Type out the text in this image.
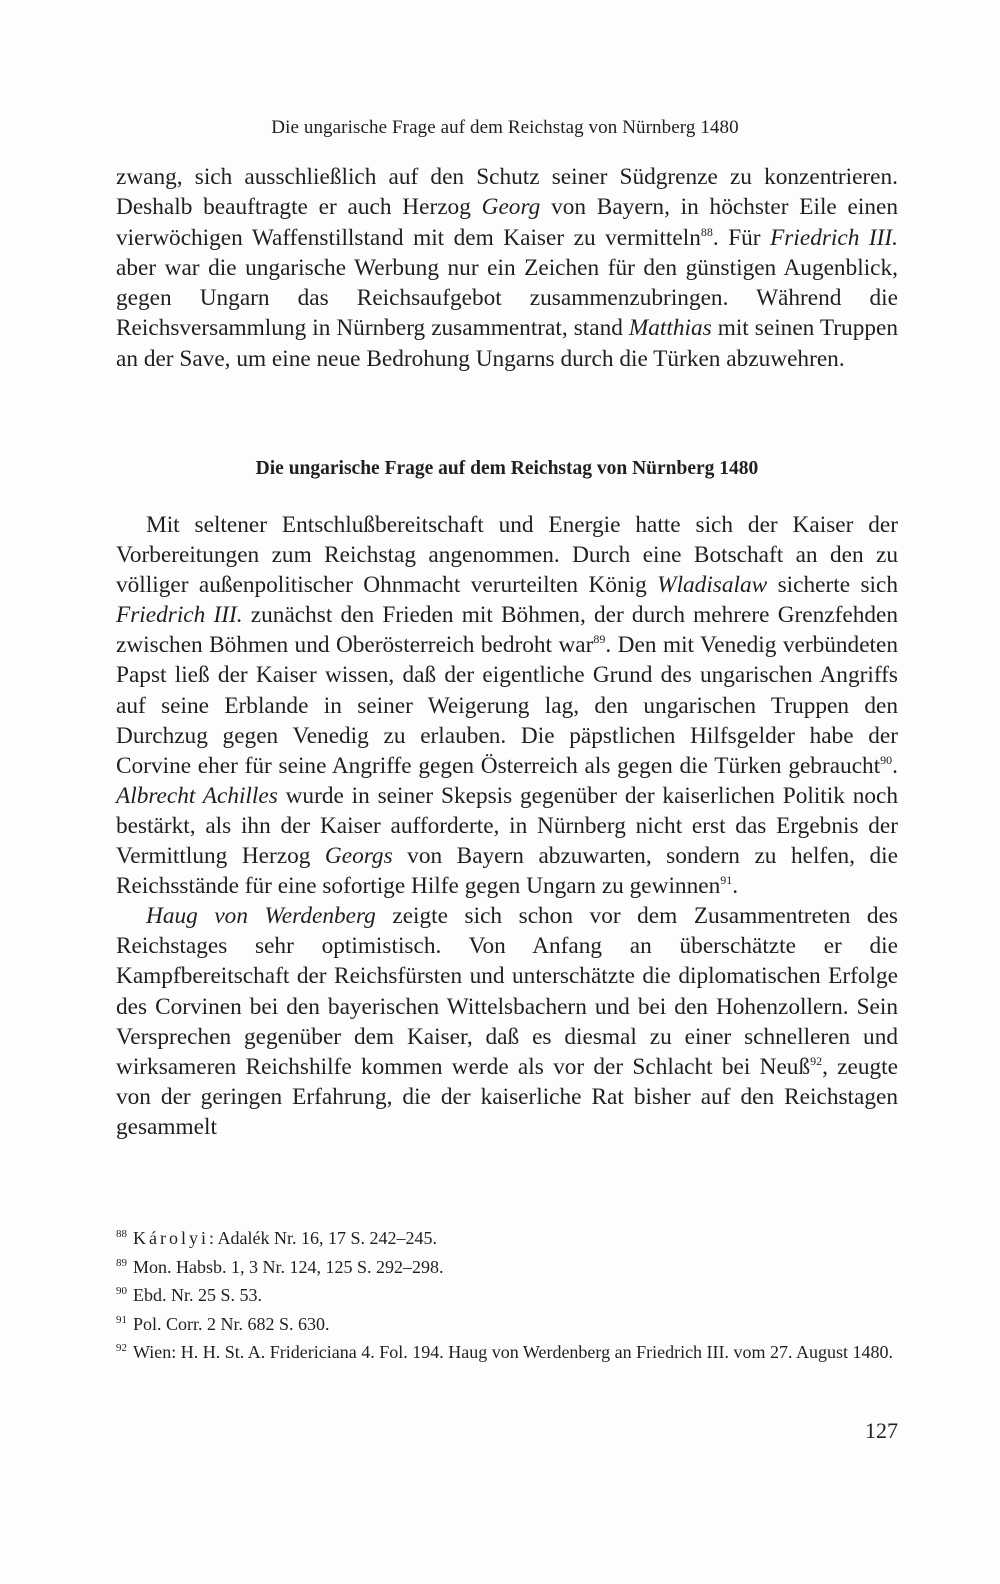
Die ungarische Frage auf dem Reichstag von Nürnberg 1480

zwang, sich ausschließlich auf den Schutz seiner Südgrenze zu konzentrieren. Deshalb beauftragte er auch Herzog Georg von Bayern, in höchster Eile einen vierwöchigen Waffenstillstand mit dem Kaiser zu vermitteln$^{88}$. Für Friedrich III. aber war die ungarische Werbung nur ein Zeichen für den günstigen Augenblick, gegen Ungarn das Reichsaufgebot zusammenzubringen. Während die Reichsversammlung in Nürnberg zusammentrat, stand Matthias mit seinen Truppen an der Save, um eine neue Bedrohung Ungarns durch die Türken abzuwehren.

Die ungarische Frage auf dem Reichstag von Nürnberg 1480

Mit seltener Entschlußbereitschaft und Energie hatte sich der Kaiser der Vorbereitungen zum Reichstag angenommen. Durch eine Botschaft an den zu völliger außenpolitischer Ohnmacht verurteilten König Wladisalaw sicherte sich Friedrich III. zunächst den Frieden mit Böhmen, der durch mehrere Grenzfehden zwischen Böhmen und Oberösterreich bedroht war$^{89}$. Den mit Venedig verbündeten Papst ließ der Kaiser wissen, daß der eigentliche Grund des ungarischen Angriffs auf seine Erblande in seiner Weigerung lag, den ungarischen Truppen den Durchzug gegen Venedig zu erlauben. Die päpstlichen Hilfsgelder habe der Corvine eher für seine Angriffe gegen Österreich als gegen die Türken gebraucht$^{90}$. Albrecht Achilles wurde in seiner Skepsis gegenüber der kaiserlichen Politik noch bestärkt, als ihn der Kaiser aufforderte, in Nürnberg nicht erst das Ergebnis der Vermittlung Herzog Georgs von Bayern abzuwarten, sondern zu helfen, die Reichsstände für eine sofortige Hilfe gegen Ungarn zu gewinnen$^{91}$.

Haug von Werdenberg zeigte sich schon vor dem Zusammentreten des Reichstages sehr optimistisch. Von Anfang an überschätzte er die Kampfbereitschaft der Reichsfürsten und unterschätzte die diplomatischen Erfolge des Corvinen bei den bayerischen Wittelsbachern und bei den Hohenzollern. Sein Versprechen gegenüber dem Kaiser, daß es diesmal zu einer schnelleren und wirksameren Reichshilfe kommen werde als vor der Schlacht bei Neuß$^{92}$, zeugte von der geringen Erfahrung, die der kaiserliche Rat bisher auf den Reichstagen gesammelt

$^{88}$ Károlyi: Adalék Nr. 16, 17 S. 242–245.
$^{89}$ Mon. Habsb. 1, 3 Nr. 124, 125 S. 292–298.
$^{90}$ Ebd. Nr. 25 S. 53.
$^{91}$ Pol. Corr. 2 Nr. 682 S. 630.
$^{92}$ Wien: H. H. St. A. Fridericiana 4. Fol. 194. Haug von Werdenberg an Friedrich III. vom 27. August 1480.
127
